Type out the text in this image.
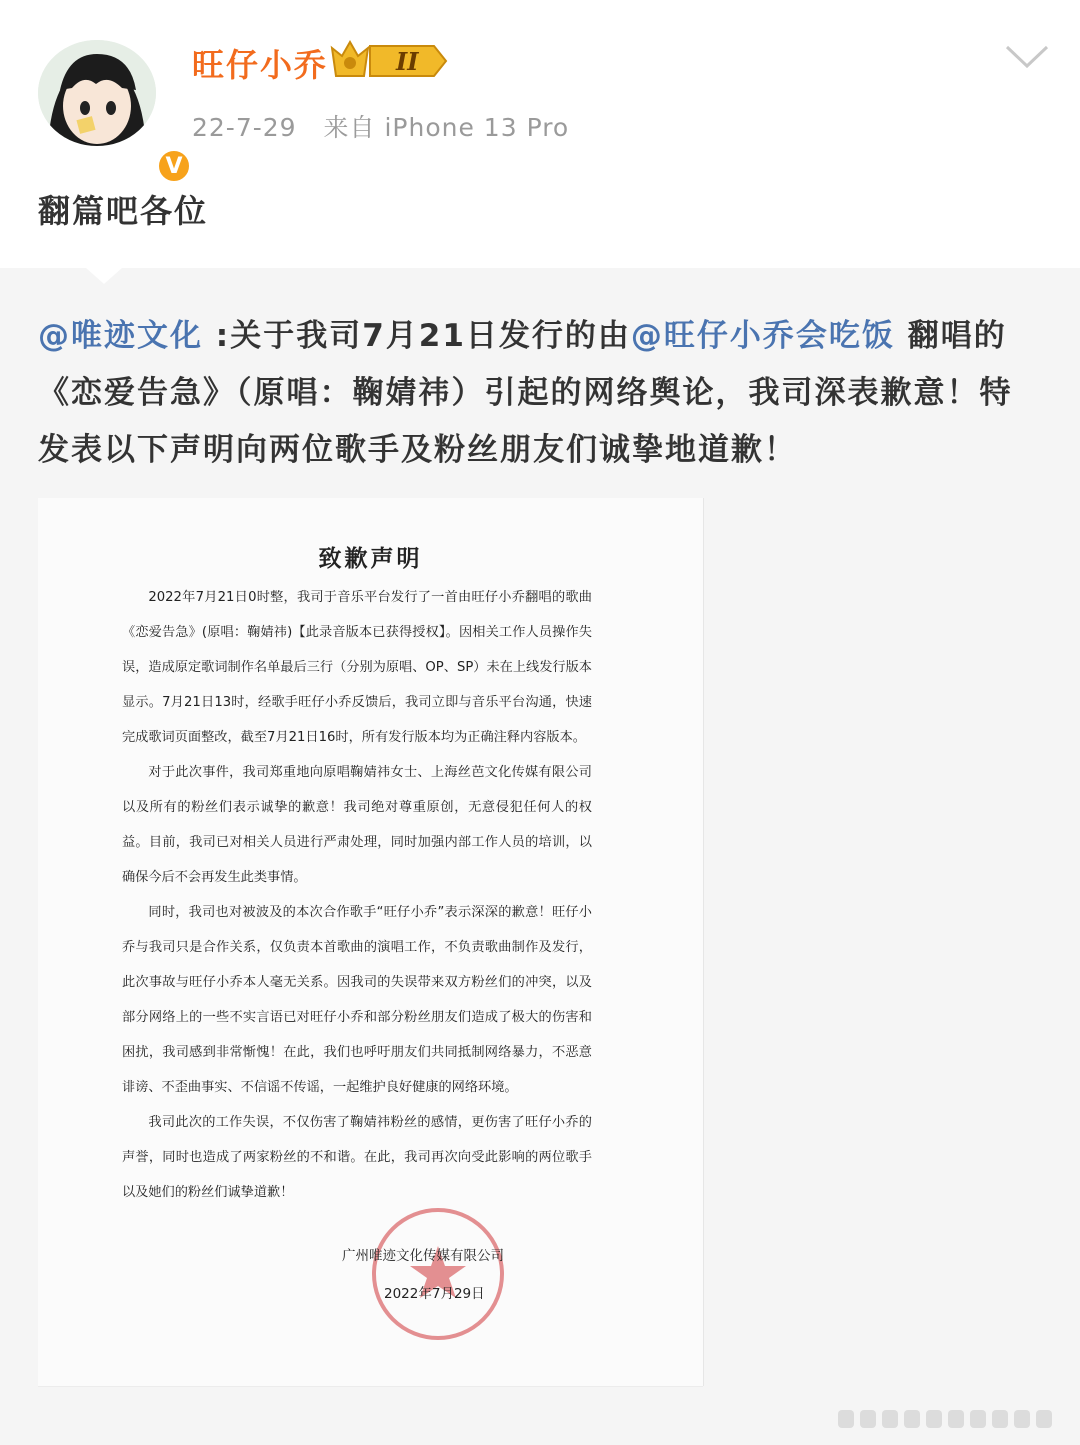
V
旺仔小乔	II
22-7-29 来自 iPhone 13 Pro
翻篇吧各位
@唯迹文化 :关于我司7月21日发行的由@旺仔小乔会吃饭 翻唱的《恋爱告急》（原唱：鞠婧祎）引起的网络舆论，我司深表歉意！特发表以下声明向两位歌手及粉丝朋友们诚挚地道歉！
致歉声明

2022年7月21日0时整，我司于音乐平台发行了一首由旺仔小乔翻唱的歌曲《恋爱告急》(原唱：鞠婧祎)【此录音版本已获得授权】。因相关工作人员操作失误，造成原定歌词制作名单最后三行（分别为原唱、OP、SP）未在上线发行版本显示。7月21日13时，经歌手旺仔小乔反馈后，我司立即与音乐平台沟通，快速完成歌词页面整改，截至7月21日16时，所有发行版本均为正确注释内容版本。

对于此次事件，我司郑重地向原唱鞠婧祎女士、上海丝芭文化传媒有限公司以及所有的粉丝们表示诚挚的歉意！我司绝对尊重原创，无意侵犯任何人的权益。目前，我司已对相关人员进行严肃处理，同时加强内部工作人员的培训，以确保今后不会再发生此类事情。

同时，我司也对被波及的本次合作歌手“旺仔小乔”表示深深的歉意！旺仔小乔与我司只是合作关系，仅负责本首歌曲的演唱工作，不负责歌曲制作及发行，此次事故与旺仔小乔本人毫无关系。因我司的失误带来双方粉丝们的冲突，以及部分网络上的一些不实言语已对旺仔小乔和部分粉丝朋友们造成了极大的伤害和困扰，我司感到非常惭愧！在此，我们也呼吁朋友们共同抵制网络暴力，不恶意诽谤、不歪曲事实、不信谣不传谣，一起维护良好健康的网络环境。

我司此次的工作失误，不仅伤害了鞠婧祎粉丝的感情，更伤害了旺仔小乔的声誉，同时也造成了两家粉丝的不和谐。在此，我司再次向受此影响的两位歌手以及她们的粉丝们诚挚道歉！

广州唯迹文化传媒有限公司
2022年7月29日
